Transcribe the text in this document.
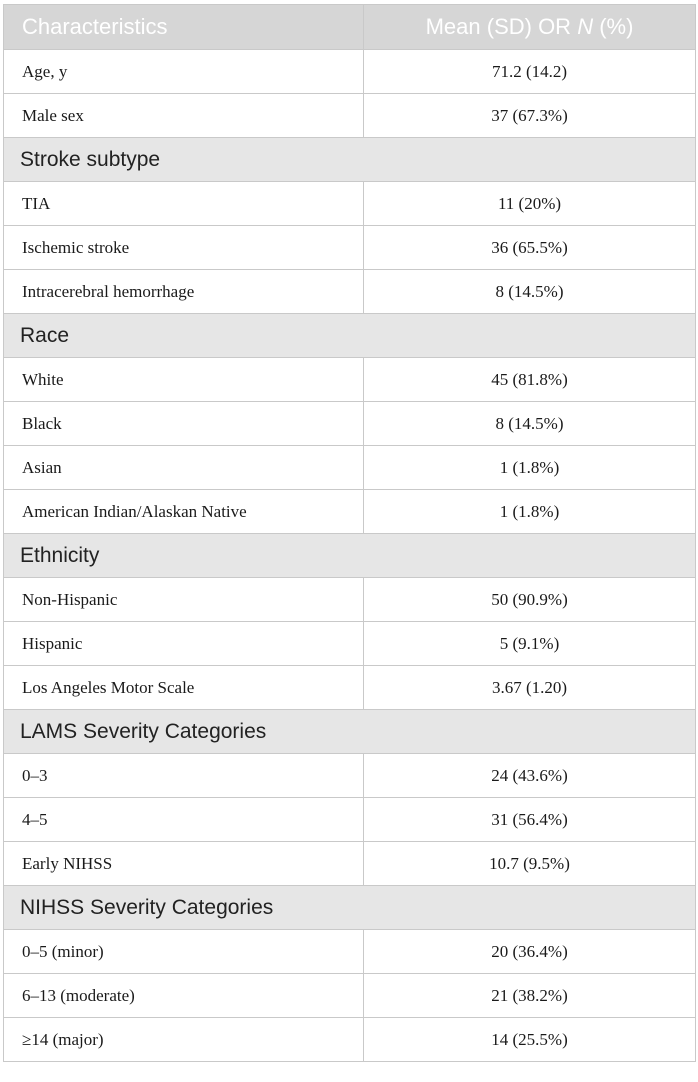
Characteristics	Mean (SD) OR N (%)
Age, y	71.2 (14.2)
Male sex	37 (67.3%)
Stroke subtype	
TIA	11 (20%)
Ischemic stroke	36 (65.5%)
Intracerebral hemorrhage	8 (14.5%)
Race	
White	45 (81.8%)
Black	8 (14.5%)
Asian	1 (1.8%)
American Indian/Alaskan Native	1 (1.8%)
Ethnicity	
Non-Hispanic	50 (90.9%)
Hispanic	5 (9.1%)
Los Angeles Motor Scale	3.67 (1.20)
LAMS Severity Categories	
0–3	24 (43.6%)
4–5	31 (56.4%)
Early NIHSS	10.7 (9.5%)
NIHSS Severity Categories	
0–5 (minor)	20 (36.4%)
6–13 (moderate)	21 (38.2%)
≥14 (major)	14 (25.5%)
